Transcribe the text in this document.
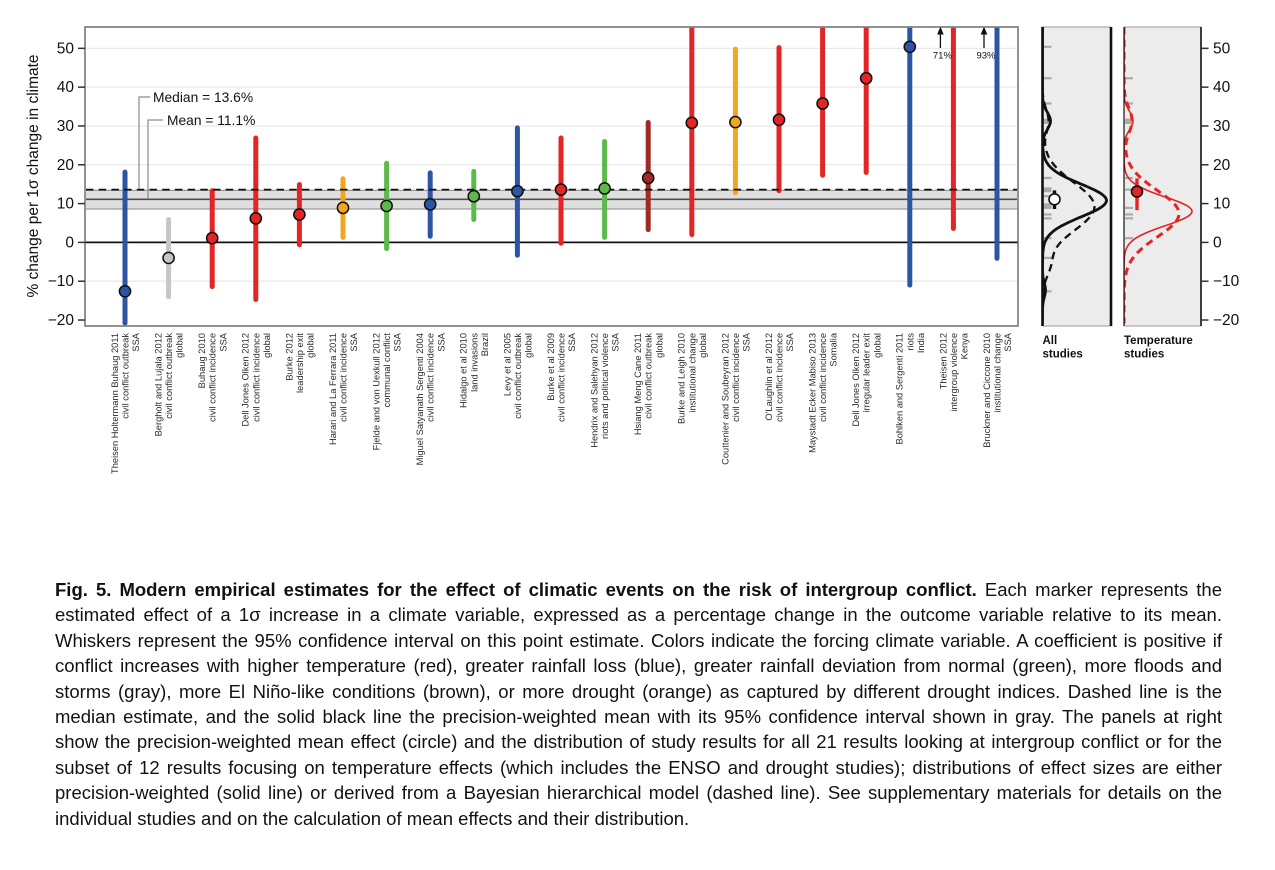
71%	93%
50
40
30
20
10
0
−10
−20
Theisen Holtermann Buhaug 2011civil conflict outbreakSSA Bergholt and Lujala 2012civil conflict outbreakglobal Buhaug 2010civil conflict incidenceSSA Dell Jones Olken 2012civil conflict incidenceglobal Burke 2012leadership exitglobal Harari and La Ferrara 2011civil conflict incidenceSSA Fjelde and von Uexkull 2012communal conflictSSA Miguel Satyanath Sergenti 2004civil conflict incidenceSSA Hidalgo et al 2010land invasionsBrazil Levy et al 2005civil conflict outbreakglobal Burke et al 2009civil conflict incidenceSSA Hendrix and Salehyan 2012riots and political violenceSSA Hsiang Meng Cane 2011civil conflict outbreakglobal Burke and Leigh 2010institutional changeglobal Couttenier and Soubeyran 2012civil conflict incidenceSSA O'Laughlin et al 2012civil conflict incidenceSSA Maystadt Ecker Mabiso 2013civil conflict incidenceSomalia Dell Jones Olken 2012irregular leader exitglobal Bohlken and Sergenti 2011riotsIndia Theisen 2012intergroup violenceKenya Bruckner and Ciccone 2010institutional changeSSA	All
studies
Temperature
studies
50
40
30
20
10
0
−10
−20
Median = 13.6%
Mean = 11.1%
% change per 1σ change in climate

Fig. 5. Modern empirical estimates for the effect of climatic events on the risk of intergroup conflict. Each marker represents the estimated effect of a 1σ increase in a climate variable, expressed as a percentage change in the outcome variable relative to its mean. Whiskers represent the 95% confidence interval on this point estimate. Colors indicate the forcing climate variable. A coefficient is positive if conflict increases with higher temperature (red), greater rainfall loss (blue), greater rainfall deviation from normal (green), more floods and storms (gray), more El Niño-like conditions (brown), or more drought (orange) as captured by different drought indices. Dashed line is the median estimate, and the solid black line the precision-weighted mean with its 95% confidence interval shown in gray. The panels at right show the precision-weighted mean effect (circle) and the distribution of study results for all 21 results looking at intergroup conflict or for the subset of 12 results focusing on temperature effects (which includes the ENSO and drought studies); distributions of effect sizes are either precision-weighted (solid line) or derived from a Bayesian hierarchical model (dashed line). See supplementary materials for details on the individual studies and on the calculation of mean effects and their distribution.
